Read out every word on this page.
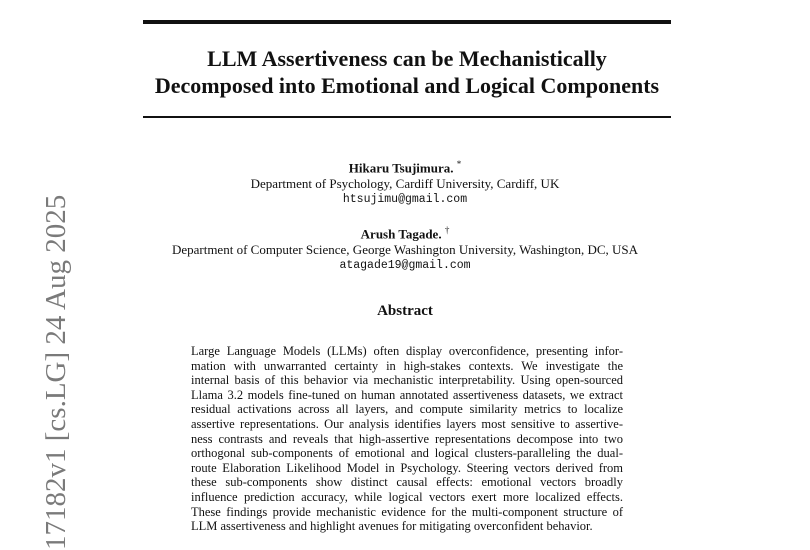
LLM Assertiveness can be Mechanistically
Decomposed into Emotional and Logical Components
Hikaru Tsujimura. *
Department of Psychology, Cardiff University, Cardiff, UK
htsujimu@gmail.com
Arush Tagade. †
Department of Computer Science, George Washington University, Washington, DC, USA
atagade19@gmail.com
Abstract
Large Language Models (LLMs) often display overconfidence, presenting infor-
mation with unwarranted certainty in high-stakes contexts. We investigate the
internal basis of this behavior via mechanistic interpretability. Using open-sourced
Llama 3.2 models fine-tuned on human annotated assertiveness datasets, we extract
residual activations across all layers, and compute similarity metrics to localize
assertive representations. Our analysis identifies layers most sensitive to assertive-
ness contrasts and reveals that high-assertive representations decompose into two
orthogonal sub-components of emotional and logical clusters-paralleling the dual-
route Elaboration Likelihood Model in Psychology. Steering vectors derived from
these sub-components show distinct causal effects: emotional vectors broadly
influence prediction accuracy, while logical vectors exert more localized effects.
These findings provide mechanistic evidence for the multi-component structure of
LLM assertiveness and highlight avenues for mitigating overconfident behavior.
17182v1 [cs.LG] 24 Aug 2025
